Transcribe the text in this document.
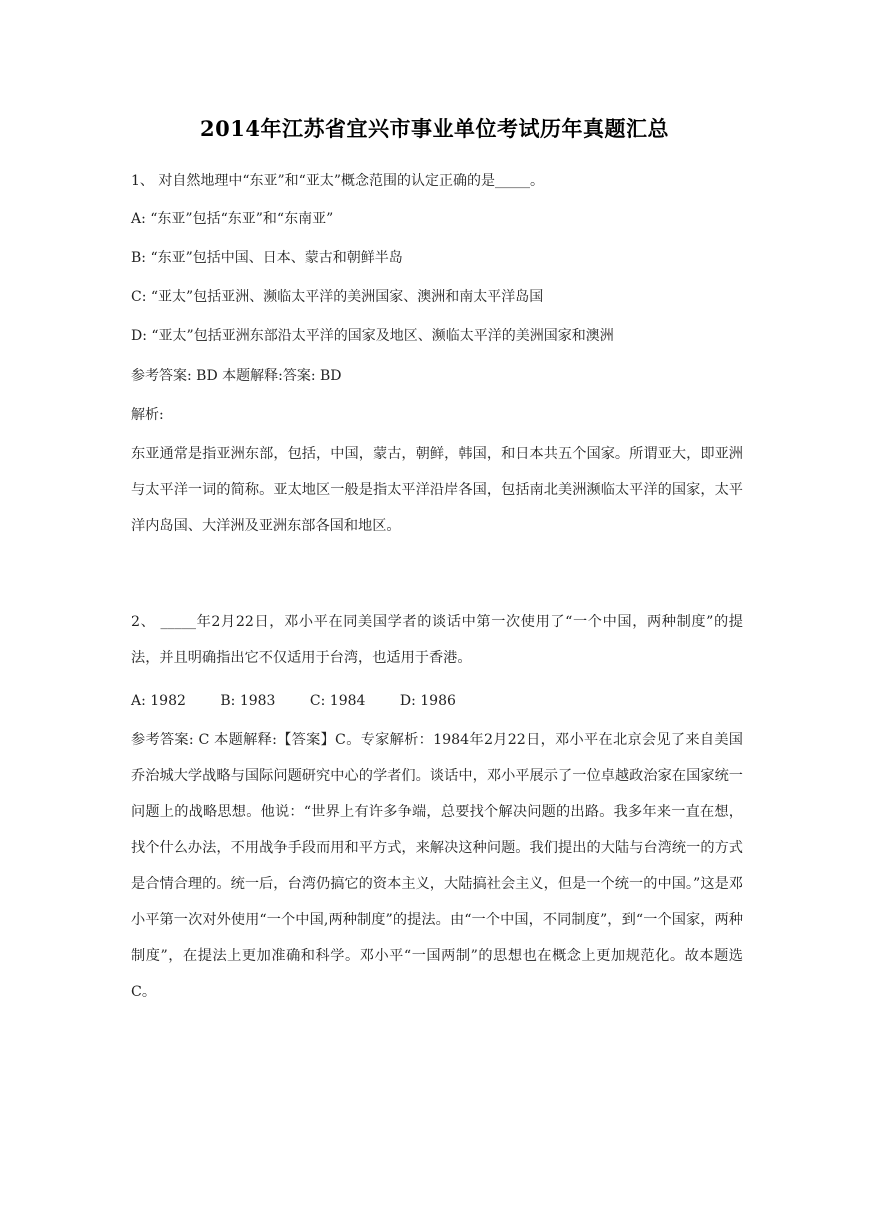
2014年江苏省宜兴市事业单位考试历年真题汇总
1、 对自然地理中“东亚”和“亚太”概念范围的认定正确的是_____。
A: “东亚”包括“东亚”和“东南亚”
B: “东亚”包括中国、日本、蒙古和朝鲜半岛
C: “亚太”包括亚洲、濒临太平洋的美洲国家、澳洲和南太平洋岛国
D: “亚太”包括亚洲东部沿太平洋的国家及地区、濒临太平洋的美洲国家和澳洲
参考答案: BD 本题解释:答案: BD
解析:
东亚通常是指亚洲东部，包括，中国，蒙古，朝鲜，韩国，和日本共五个国家。所谓亚大，即亚洲与太平洋一词的简称。亚太地区一般是指太平洋沿岸各国，包括南北美洲濒临太平洋的国家，太平洋内岛国、大洋洲及亚洲东部各国和地区。
2、 _____年2月22日，邓小平在同美国学者的谈话中第一次使用了“一个中国，两种制度”的提法，并且明确指出它不仅适用于台湾，也适用于香港。
A: 1982 B: 1983 C: 1984 D: 1986
参考答案: C 本题解释:【答案】C。专家解析：1984年2月22日，邓小平在北京会见了来自美国乔治城大学战略与国际问题研究中心的学者们。谈话中，邓小平展示了一位卓越政治家在国家统一问题上的战略思想。他说：“世界上有许多争端，总要找个解决问题的出路。我多年来一直在想，找个什么办法，不用战争手段而用和平方式，来解决这种问题。我们提出的大陆与台湾统一的方式是合情合理的。统一后，台湾仍搞它的资本主义，大陆搞社会主义，但是一个统一的中国。”这是邓小平第一次对外使用“一个中国,两种制度”的提法。由“一个中国，不同制度”，到“一个国家，两种制度”，在提法上更加准确和科学。邓小平“一国两制”的思想也在概念上更加规范化。故本题选C。
